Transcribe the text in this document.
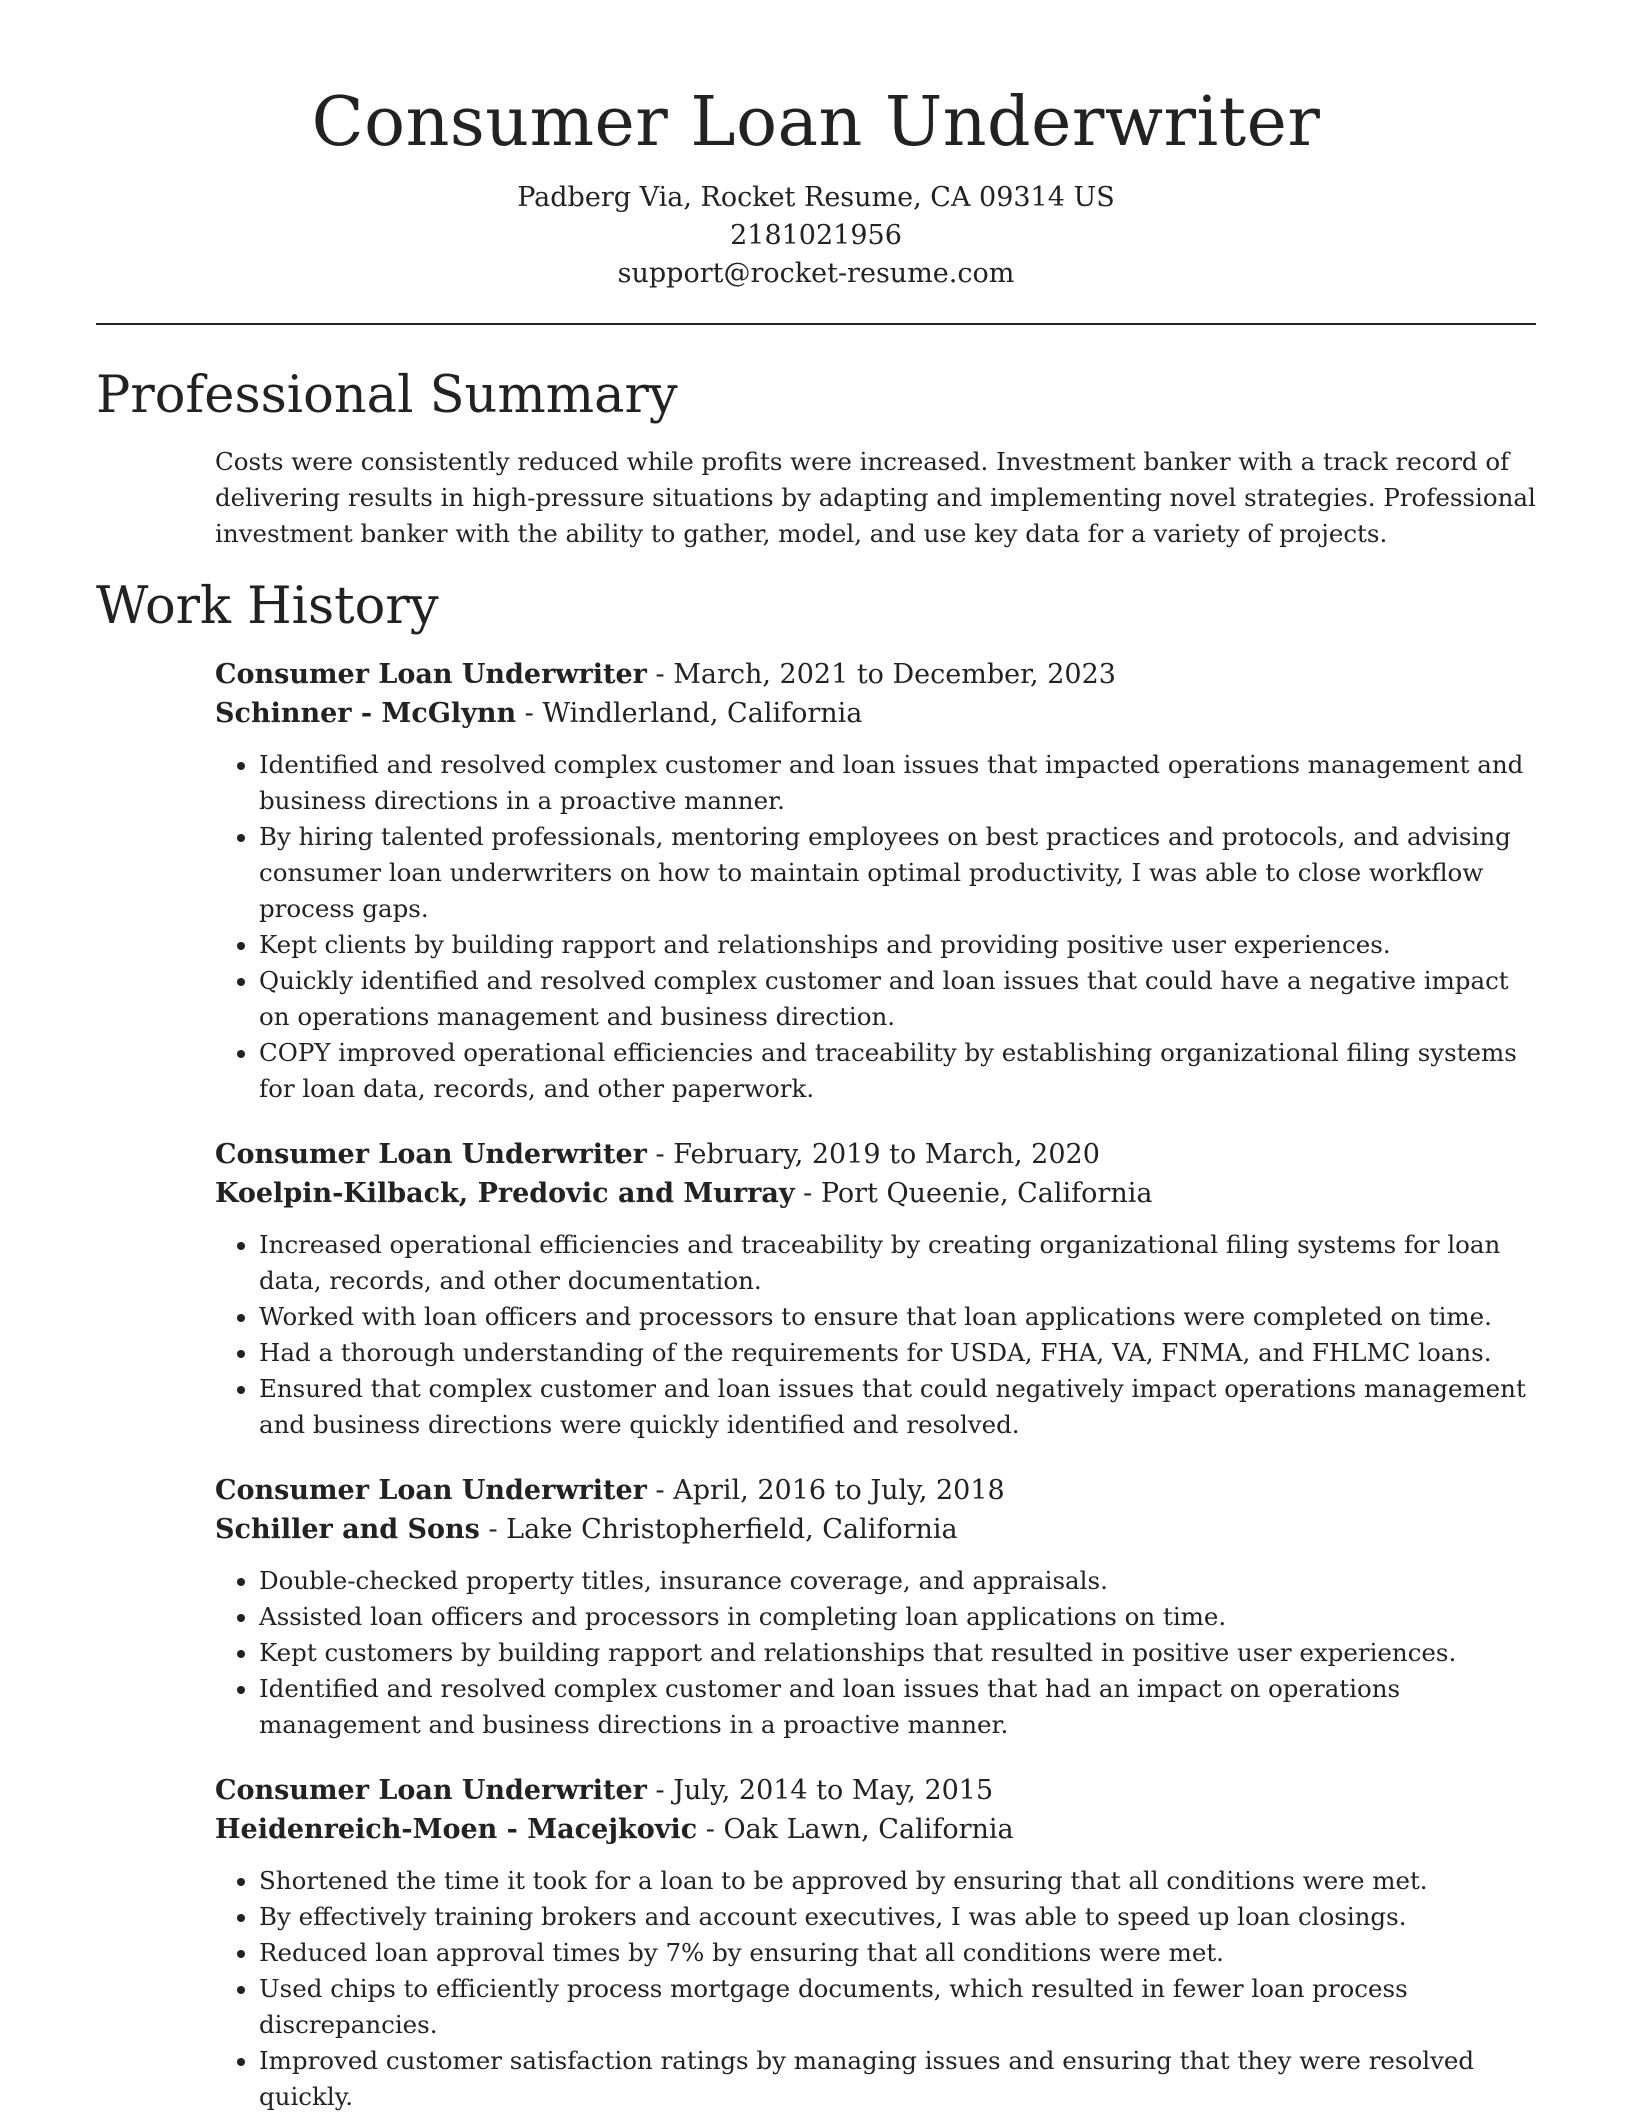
Consumer Loan Underwriter

Padberg Via, Rocket Resume, CA 09314 US

2181021956

support@rocket-resume.com

Professional Summary

Costs were consistently reduced while profits were increased. Investment banker with a track record of delivering results in high-pressure situations by adapting and implementing novel strategies. Professional investment banker with the ability to gather, model, and use key data for a variety of projects.

Work History

Consumer Loan Underwriter - March, 2021 to December, 2023

Schinner - McGlynn - Windlerland, California

• Identified and resolved complex customer and loan issues that impacted operations management and business directions in a proactive manner.
• By hiring talented professionals, mentoring employees on best practices and protocols, and advising consumer loan underwriters on how to maintain optimal productivity, I was able to close workflow process gaps.
• Kept clients by building rapport and relationships and providing positive user experiences.
• Quickly identified and resolved complex customer and loan issues that could have a negative impact on operations management and business direction.
• COPY improved operational efficiencies and traceability by establishing organizational filing systems for loan data, records, and other paperwork.

Consumer Loan Underwriter - February, 2019 to March, 2020

Koelpin-Kilback, Predovic and Murray - Port Queenie, California

• Increased operational efficiencies and traceability by creating organizational filing systems for loan data, records, and other documentation.
• Worked with loan officers and processors to ensure that loan applications were completed on time.
• Had a thorough understanding of the requirements for USDA, FHA, VA, FNMA, and FHLMC loans.
• Ensured that complex customer and loan issues that could negatively impact operations management and business directions were quickly identified and resolved.

Consumer Loan Underwriter - April, 2016 to July, 2018

Schiller and Sons - Lake Christopherfield, California

• Double-checked property titles, insurance coverage, and appraisals.
• Assisted loan officers and processors in completing loan applications on time.
• Kept customers by building rapport and relationships that resulted in positive user experiences.
• Identified and resolved complex customer and loan issues that had an impact on operations management and business directions in a proactive manner.

Consumer Loan Underwriter - July, 2014 to May, 2015

Heidenreich-Moen - Macejkovic - Oak Lawn, California

• Shortened the time it took for a loan to be approved by ensuring that all conditions were met.
• By effectively training brokers and account executives, I was able to speed up loan closings.
• Reduced loan approval times by 7% by ensuring that all conditions were met.
• Used chips to efficiently process mortgage documents, which resulted in fewer loan process discrepancies.
• Improved customer satisfaction ratings by managing issues and ensuring that they were resolved quickly.
